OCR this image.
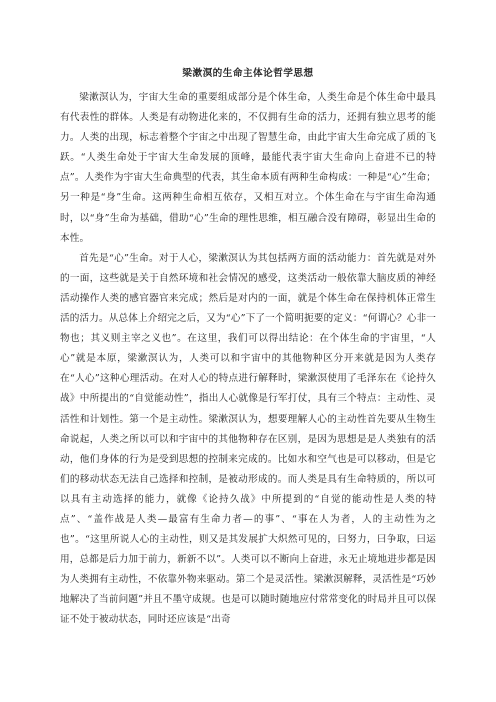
梁漱溟的生命主体论哲学思想

梁漱溟认为，宇宙大生命的重要组成部分是个体生命，人类生命是个体生命中最具有代表性的群体。人类是有动物进化来的，不仅拥有生命的活力，还拥有独立思考的能力。人类的出现，标志着整个宇宙之中出现了智慧生命，由此宇宙大生命完成了质的飞跃。“人类生命处于宇宙大生命发展的顶峰，最能代表宇宙大生命向上奋进不已的特点”。人类作为宇宙大生命典型的代表，其生命本质有两种生命构成：一种是“心”生命；另一种是“身”生命。这两种生命相互依存，又相互对立。个体生命在与宇宙生命沟通时，以“身”生命为基础，借助“心”生命的理性思维，相互融合没有障碍，彰显出生命的本性。

首先是“心”生命。对于人心，梁漱溟认为其包括两方面的活动能力：首先就是对外的一面，这些就是关于自然环境和社会情况的感受，这类活动一般依靠大脑皮质的神经活动操作人类的感官器官来完成；然后是对内的一面，就是个体生命在保持机体正常生活的活力。从总体上介绍完之后，又为“心”下了一个简明扼要的定义：“何谓心？心非一物也；其义则主宰之义也”。在这里，我们可以得出结论：在个体生命的宇宙里，“人心”就是本原，梁漱溟认为，人类可以和宇宙中的其他物种区分开来就是因为人类存在“人心”这种心理活动。在对人心的特点进行解释时，梁漱溟使用了毛泽东在《论持久战》中所提出的“自觉能动性”，指出人心就像是行军打仗，具有三个特点：主动性、灵活性和计划性。第一个是主动性。梁漱溟认为，想要理解人心的主动性首先要从生物生命说起，人类之所以可以和宇宙中的其他物种存在区别，是因为思想是是人类独有的活动，他们身体的行为是受到思想的控制来完成的。比如水和空气也是可以移动，但是它们的移动状态无法自己选择和控制，是被动形成的。而人类是具有生命特质的，所以可以具有主动选择的能力，就像《论持久战》中所提到的“自觉的能动性是人类的特点”、“盖作战是人类—最富有生命力者—的事”、“事在人为者，人的主动性为之也”。“这里所说人心的主动性，则又是其发展扩大炽然可见的，曰努力，曰争取，曰运用，总都是后力加于前力，新新不以”。人类可以不断向上奋进，永无止境地进步都是因为人类拥有主动性，不依靠外物来驱动。第二个是灵活性。梁漱溟解释，灵活性是“巧妙地解决了当前问题”并且不墨守成规。也是可以随时随地应付常常变化的时局并且可以保证不处于被动状态，同时还应该是“出奇
